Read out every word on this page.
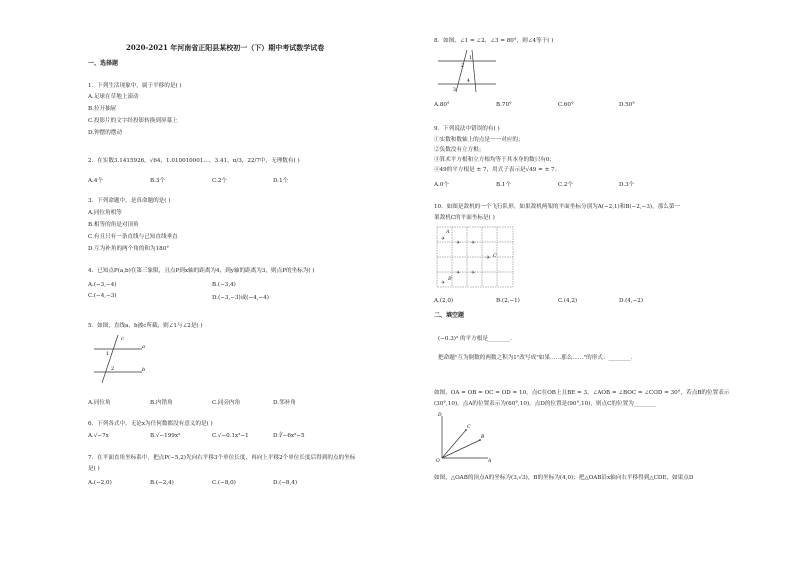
2020-2021 年河南省正阳县某校初一（下）期中考试数学试卷
一、选择题
1．下列生活现象中，属于平移的是( )
A.足球在草地上滚动
B.拉开抽屉
C.投影片的文字经投影转换到屏幕上
D.钟摆的摆动
2．在实数3.1415926，√64，1.010010001…，3.41，π/3，22/7中，无理数有( )
A.4个	B.3个	C.2个	D.1个
3．下列命题中，是真命题的是( )
A.同位角相等
B.相等的角是对顶角
C.有且只有一条直线与已知直线垂直
D.互为补角的两个角的和为180°
4．已知点P(a,b)在第三象限，且点P到x轴的距离为4，到y轴的距离为3，则点P的坐标为( )
A.(−3,−4)	B.(−3,4)
C.(−4,−3)	D.(−3,−3)或(−4,−4)
5．如图，直线a，b被c所截，则∠1与∠2是( )
c
a
b
1
2
A.同位角	B.内错角	C.同旁内角	D.邻补角
6．下列各式中，无论x为任何数都没有意义的是( )
A.√−7x	B.√−199x²	C.√−0.1x²−1	D.∛−6x²−5
7．在平面直角坐标系中，把点P(−5,2)先向右平移3个单位长度，再向上平移2个单位长度后得到的点的坐标
是( )
A.(−2,0)	B.(−2,4)	C.(−8,0)	D.(−8,4)
8．如图，∠1 = ∠2，∠3 = 80°，则∠4等于( )
1
2
3
4
A.80°	B.70°	C.60°	D.50°
9．下列说法中错误的有( )
①实数和数轴上的点是一一对应的；
②负数没有立方根；
③算术平方根和立方根均等于其本身的数只有0；
④49的平方根是 ± 7，用式子表示是√49 = ± 7。
A.0个	B.1个	C.2个	D.3个
10．如图是敌机的一个飞行队形，如果敌机两架的平面坐标分别为A(−2,1)和B(−2,−3)，那么第一
架敌机C的平面坐标是( )
✈
A
✈ ✈
✈ C
✈ ✈
✈
B
A.(2,0)	B.(2,−1)	C.(4,2)	D.(4,−2)
二、填空题
(−0.3)² 的平方根是________.
把命题"互为倒数的两数之积为1"改写成"如果……那么……"的形式：________.
如图，OA = OB = OC = OD = 10，点C在OB上且BE = 3，∠AOB = ∠BOC = ∠COD = 30°，若点B的位置表示
(30°,10)，点A的位置表示为(60°,10)，点D的位置是(90°,10)，则点C的位置为________
D
C
B
O	A
如图，△OAB的顶点A的坐标为(3,√3)，B的坐标为(4,0)；把△OAB沿x轴向右平移得到△CDE，如果点D
